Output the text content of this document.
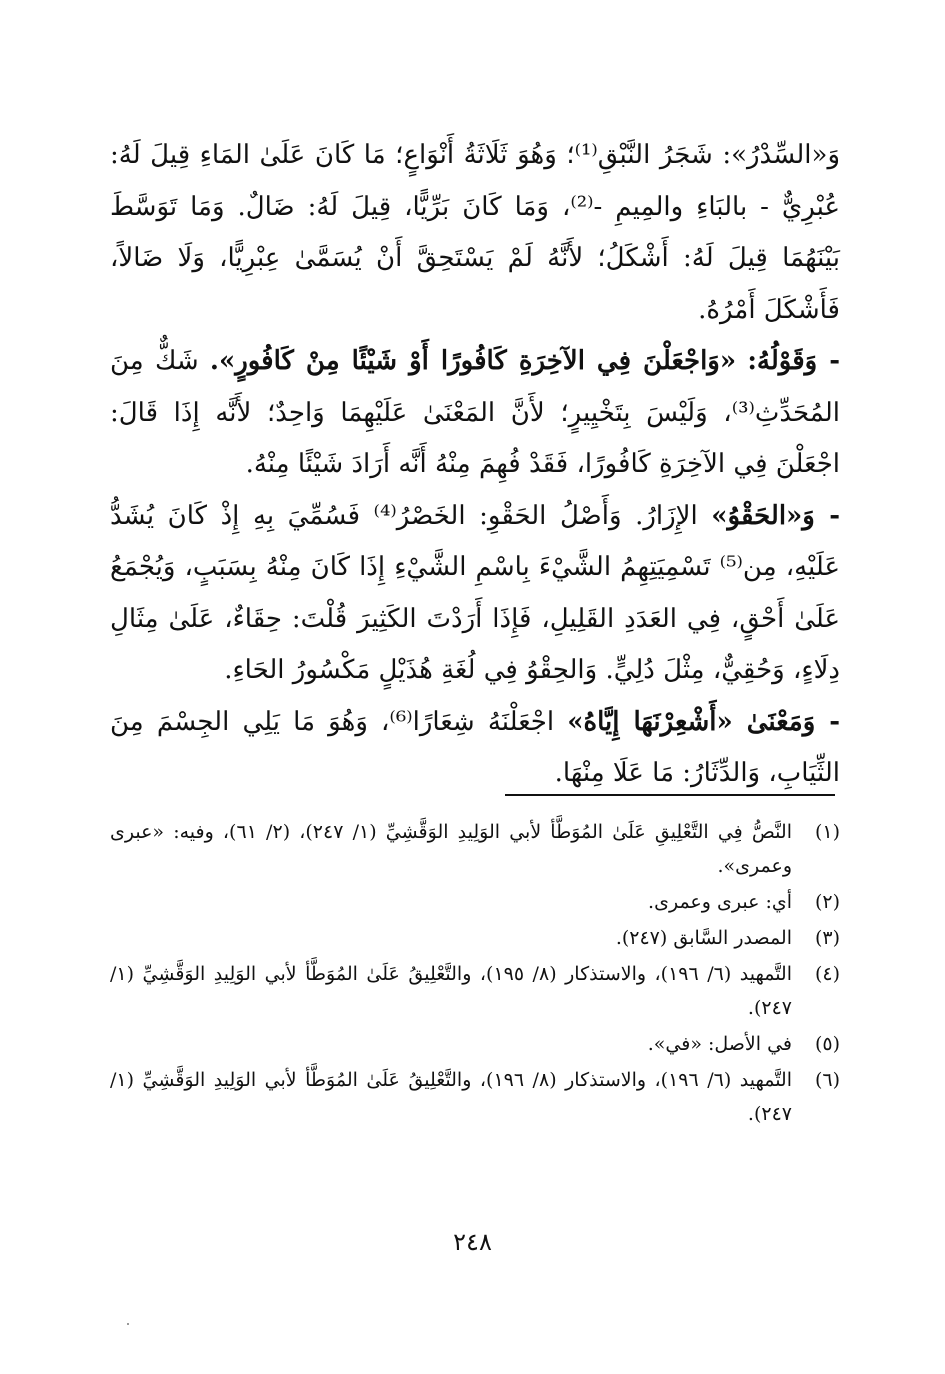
وَ«السِّدْرُ»: شَجَرُ النَّبْقِ⁽¹⁾؛ وَهُوَ ثَلَاثَةُ أَنْوَاعٍ؛ مَا كَانَ عَلَىٰ المَاءِ قِيلَ لَهُ: عُبْرِيٌّ - بالبَاءِ والمِيمِ -⁽²⁾، وَمَا كَانَ بَرِّيًّا، قِيلَ لَهُ: ضَالٌ. وَمَا تَوَسَّطَ بَيْنَهُمَا قِيلَ لَهُ: أَشْكَلُ؛ لأَنَّهُ لَمْ يَسْتَحِقَّ أَنْ يُسَمَّىٰ عِبْرِيًّا، وَلَا ضَالاً، فَأَشْكَلَ أَمْرُهُ.

- وَقَوْلُهُ: «وَاجْعَلْنَ فِي الآخِرَةِ كَافُورًا أَوْ شَيْئًا مِنْ كَافُورٍ». شَكٌّ مِنَ المُحَدِّثِ⁽³⁾، وَلَيْسَ بِتَخْيِيرٍ؛ لأَنَّ المَعْنَىٰ عَلَيْهِمَا وَاحِدٌ؛ لأَنَّه إِذَا قَالَ: اجْعَلْنَ فِي الآخِرَةِ كَافُورًا، فَقَدْ فُهِمَ مِنْهُ أَنَّه أَرَادَ شَيْئًا مِنْهُ.

- وَ«الحَقْوُ» الإِزَارُ. وَأَصْلُ الحَقْوِ: الخَصْرُ⁽⁴⁾ فَسُمِّيَ بِهِ إِذْ كَانَ يُشَدُّ عَلَيْهِ، مِن⁽⁵⁾ تَسْمِيَتِهِمُ الشَّيْءَ بِاسْمِ الشَّيْءِ إِذَا كَانَ مِنْهُ بِسَبَبٍ، وَيُجْمَعُ عَلَىٰ أَحْقٍ، فِي العَدَدِ القَلِيلِ، فَإِذَا أَرَدْتَ الكَثِيرَ قُلْتَ: حِقَاءٌ، عَلَىٰ مِثَالِ دِلَاءٍ، وَحُقِيٌّ، مِثْلَ دُلِيٍّ. وَالحِقْوُ فِي لُغَةِ هُذَيْلٍ مَكْسُورُ الحَاءِ.

- وَمَعْنَىٰ «أَشْعِرْنَهَا إِيَّاهُ» اجْعَلْنَهُ شِعَارًا⁽⁶⁾، وَهُوَ مَا يَلِي الجِسْمَ مِنَ الثِّيَابِ، وَالدِّثَارُ: مَا عَلَا مِنْهَا.

(١)
النَّصُّ فِي التَّعْلِيقِ عَلَىٰ المُوَطَّأ لأبي الوَلِيدِ الوَقَّشِيِّ (١/ ٢٤٧)، (٢/ ٦١)، وفيه: «عبرى وعمرى».
(٢)
أي: عبرى وعمرى.
(٣)
المصدر السَّابق (٢٤٧).
(٤)
التَّمهيد (٦/ ١٩٦)، والاستذكار (٨/ ١٩٥)، والتَّعْلِيقُ عَلَىٰ المُوَطَّأ لأبي الوَلِيدِ الوَقَّشِيِّ (١/ ٢٤٧).
(٥)
في الأصل: «في».
(٦)
التَّمهيد (٦/ ١٩٦)، والاستذكار (٨/ ١٩٦)، والتَّعْلِيقُ عَلَىٰ المُوَطَّأ لأبي الوَلِيدِ الوَقَّشِيِّ (١/ ٢٤٧).
٢٤٨
